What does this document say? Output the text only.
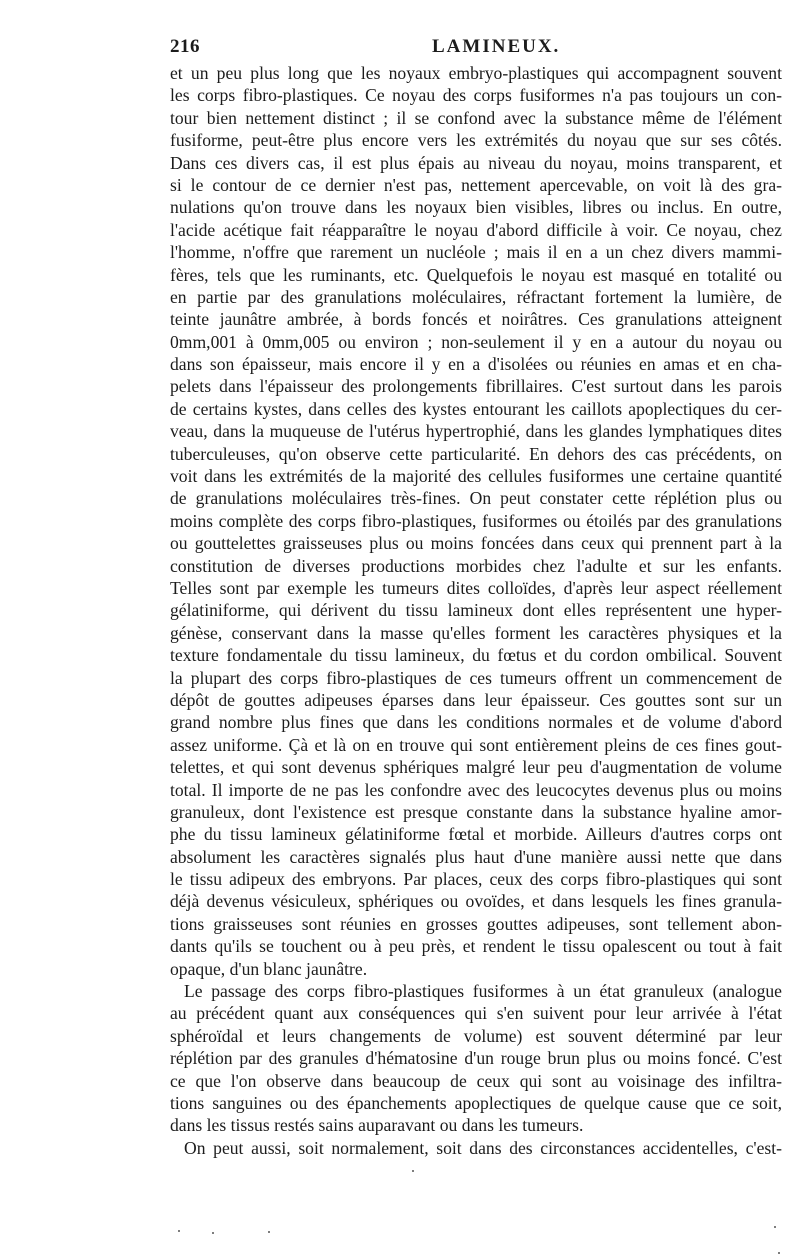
216	LAMINEUX.
et un peu plus long que les noyaux embryo-plastiques qui accompagnent souvent
les corps fibro-plastiques. Ce noyau des corps fusiformes n'a pas toujours un con-
tour bien nettement distinct ; il se confond avec la substance même de l'élément
fusiforme, peut-être plus encore vers les extrémités du noyau que sur ses côtés.
Dans ces divers cas, il est plus épais au niveau du noyau, moins transparent, et
si le contour de ce dernier n'est pas, nettement apercevable, on voit là des gra-
nulations qu'on trouve dans les noyaux bien visibles, libres ou inclus. En outre,
l'acide acétique fait réapparaître le noyau d'abord difficile à voir. Ce noyau, chez
l'homme, n'offre que rarement un nucléole ; mais il en a un chez divers mammi-
fères, tels que les ruminants, etc. Quelquefois le noyau est masqué en totalité ou
en partie par des granulations moléculaires, réfractant fortement la lumière, de
teinte jaunâtre ambrée, à bords foncés et noirâtres. Ces granulations atteignent
0mm,001 à 0mm,005 ou environ ; non-seulement il y en a autour du noyau ou
dans son épaisseur, mais encore il y en a d'isolées ou réunies en amas et en chа-
pelets dans l'épaisseur des prolongements fibrillaires. C'est surtout dans les parois
de certains kystes, dans celles des kystes entourant les caillots apoplectiques du cer-
veau, dans la muqueuse de l'utérus hypertrophié, dans les glandes lymphatiques dites
tuberculeuses, qu'on observe cette particularité. En dehors des cas précédents, on
voit dans les extrémités de la majorité des cellules fusiformes une certaine quantité
de granulations moléculaires très-fines. On peut constater cette réplétion plus ou
moins complète des corps fibro-plastiques, fusiformes ou étoilés par des granulations
ou gouttelettes graisseuses plus ou moins foncées dans ceux qui prennent part à la
constitution de diverses productions morbides chez l'adulte et sur les enfants.
Telles sont par exemple les tumeurs dites colloïdes, d'après leur aspect réellement
gélatiniforme, qui dérivent du tissu lamineux dont elles représentent une hyper-
génèse, conservant dans la masse qu'elles forment les caractères physiques et la
texture fondamentale du tissu lamineux, du fœtus et du cordon ombilical. Souvent
la plupart des corps fibro-plastiques de ces tumeurs offrent un commencement de
dépôt de gouttes adipeuses éparses dans leur épaisseur. Ces gouttes sont sur un
grand nombre plus fines que dans les conditions normales et de volume d'abord
assez uniforme. Çà et là on en trouve qui sont entièrement pleins de ces fines gout-
telettes, et qui sont devenus sphériques malgré leur peu d'augmentation de volume
total. Il importe de ne pas les confondre avec des leucocytes devenus plus ou moins
granuleux, dont l'existence est presque constante dans la substance hyaline amor-
phe du tissu lamineux gélatiniforme fœtal et morbide. Ailleurs d'autres corps ont
absolument les caractères signalés plus haut d'une manière aussi nette que dans
le tissu adipeux des embryons. Par places, ceux des corps fibro-plastiques qui sont
déjà devenus vésiculeux, sphériques ou ovoïdes, et dans lesquels les fines granula-
tions graisseuses sont réunies en grosses gouttes adipeuses, sont tellement abon-
dants qu'ils se touchent ou à peu près, et rendent le tissu opalescent ou tout à fait
opaque, d'un blanc jaunâtre.
Le passage des corps fibro-plastiques fusiformes à un état granuleux (analogue
au précédent quant aux conséquences qui s'en suivent pour leur arrivée à l'état
sphéroïdal et leurs changements de volume) est souvent déterminé par leur
réplétion par des granules d'hématosine d'un rouge brun plus ou moins foncé. C'est
ce que l'on observe dans beaucoup de ceux qui sont au voisinage des infiltra-
tions sanguines ou des épanchements apoplectiques de quelque cause que ce soit,
dans les tissus restés sains auparavant ou dans les tumeurs.
On peut aussi, soit normalement, soit dans des circonstances accidentelles, c'est-
